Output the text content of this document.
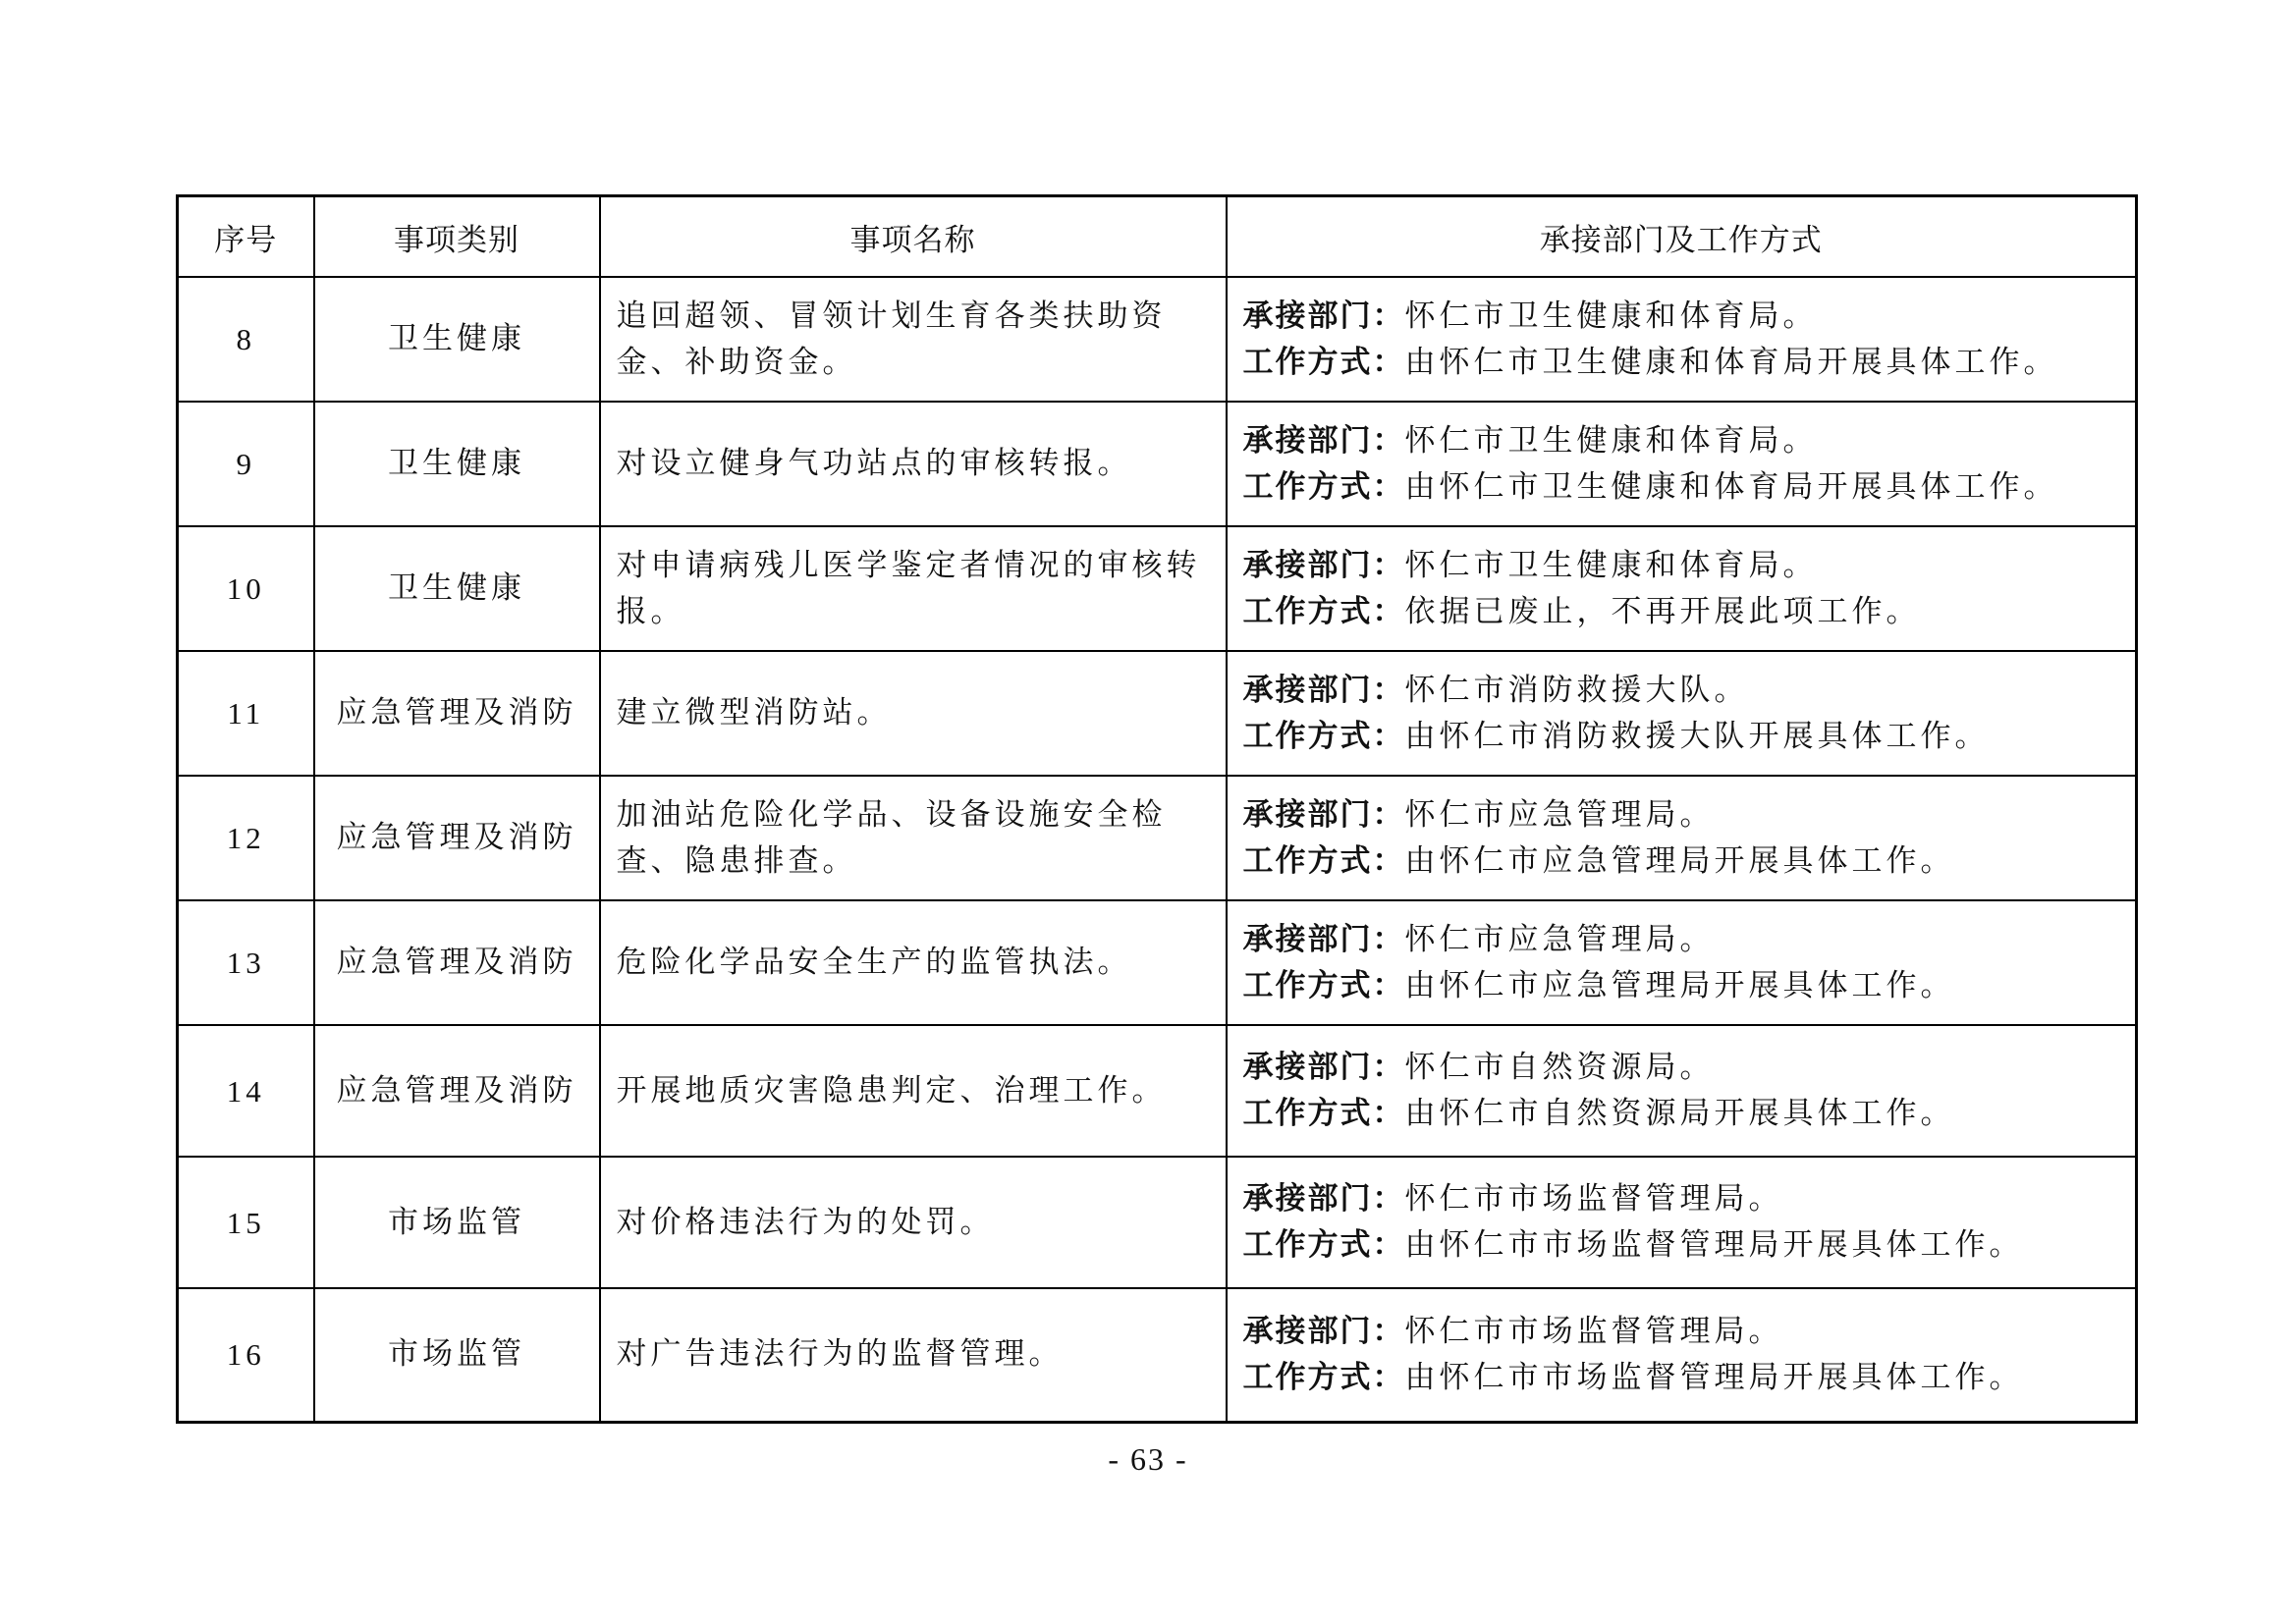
序号	事项类别	事项名称	承接部门及工作方式
8	卫生健康	追回超领、冒领计划生育各类扶助资金、补助资金。	承接部门：怀仁市卫生健康和体育局。
工作方式：由怀仁市卫生健康和体育局开展具体工作。

9	卫生健康	对设立健身气功站点的审核转报。	承接部门：怀仁市卫生健康和体育局。
工作方式：由怀仁市卫生健康和体育局开展具体工作。

10	卫生健康	对申请病残儿医学鉴定者情况的审核转报。	承接部门：怀仁市卫生健康和体育局。
工作方式：依据已废止，不再开展此项工作。

11	应急管理及消防	建立微型消防站。	承接部门：怀仁市消防救援大队。
工作方式：由怀仁市消防救援大队开展具体工作。

12	应急管理及消防	加油站危险化学品、设备设施安全检查、隐患排查。	承接部门：怀仁市应急管理局。
工作方式：由怀仁市应急管理局开展具体工作。

13	应急管理及消防	危险化学品安全生产的监管执法。	承接部门：怀仁市应急管理局。
工作方式：由怀仁市应急管理局开展具体工作。

14	应急管理及消防	开展地质灾害隐患判定、治理工作。	承接部门：怀仁市自然资源局。
工作方式：由怀仁市自然资源局开展具体工作。

15	市场监管	对价格违法行为的处罚。	承接部门：怀仁市市场监督管理局。
工作方式：由怀仁市市场监督管理局开展具体工作。

16	市场监管	对广告违法行为的监督管理。	承接部门：怀仁市市场监督管理局。
工作方式：由怀仁市市场监督管理局开展具体工作。
- 63 -
